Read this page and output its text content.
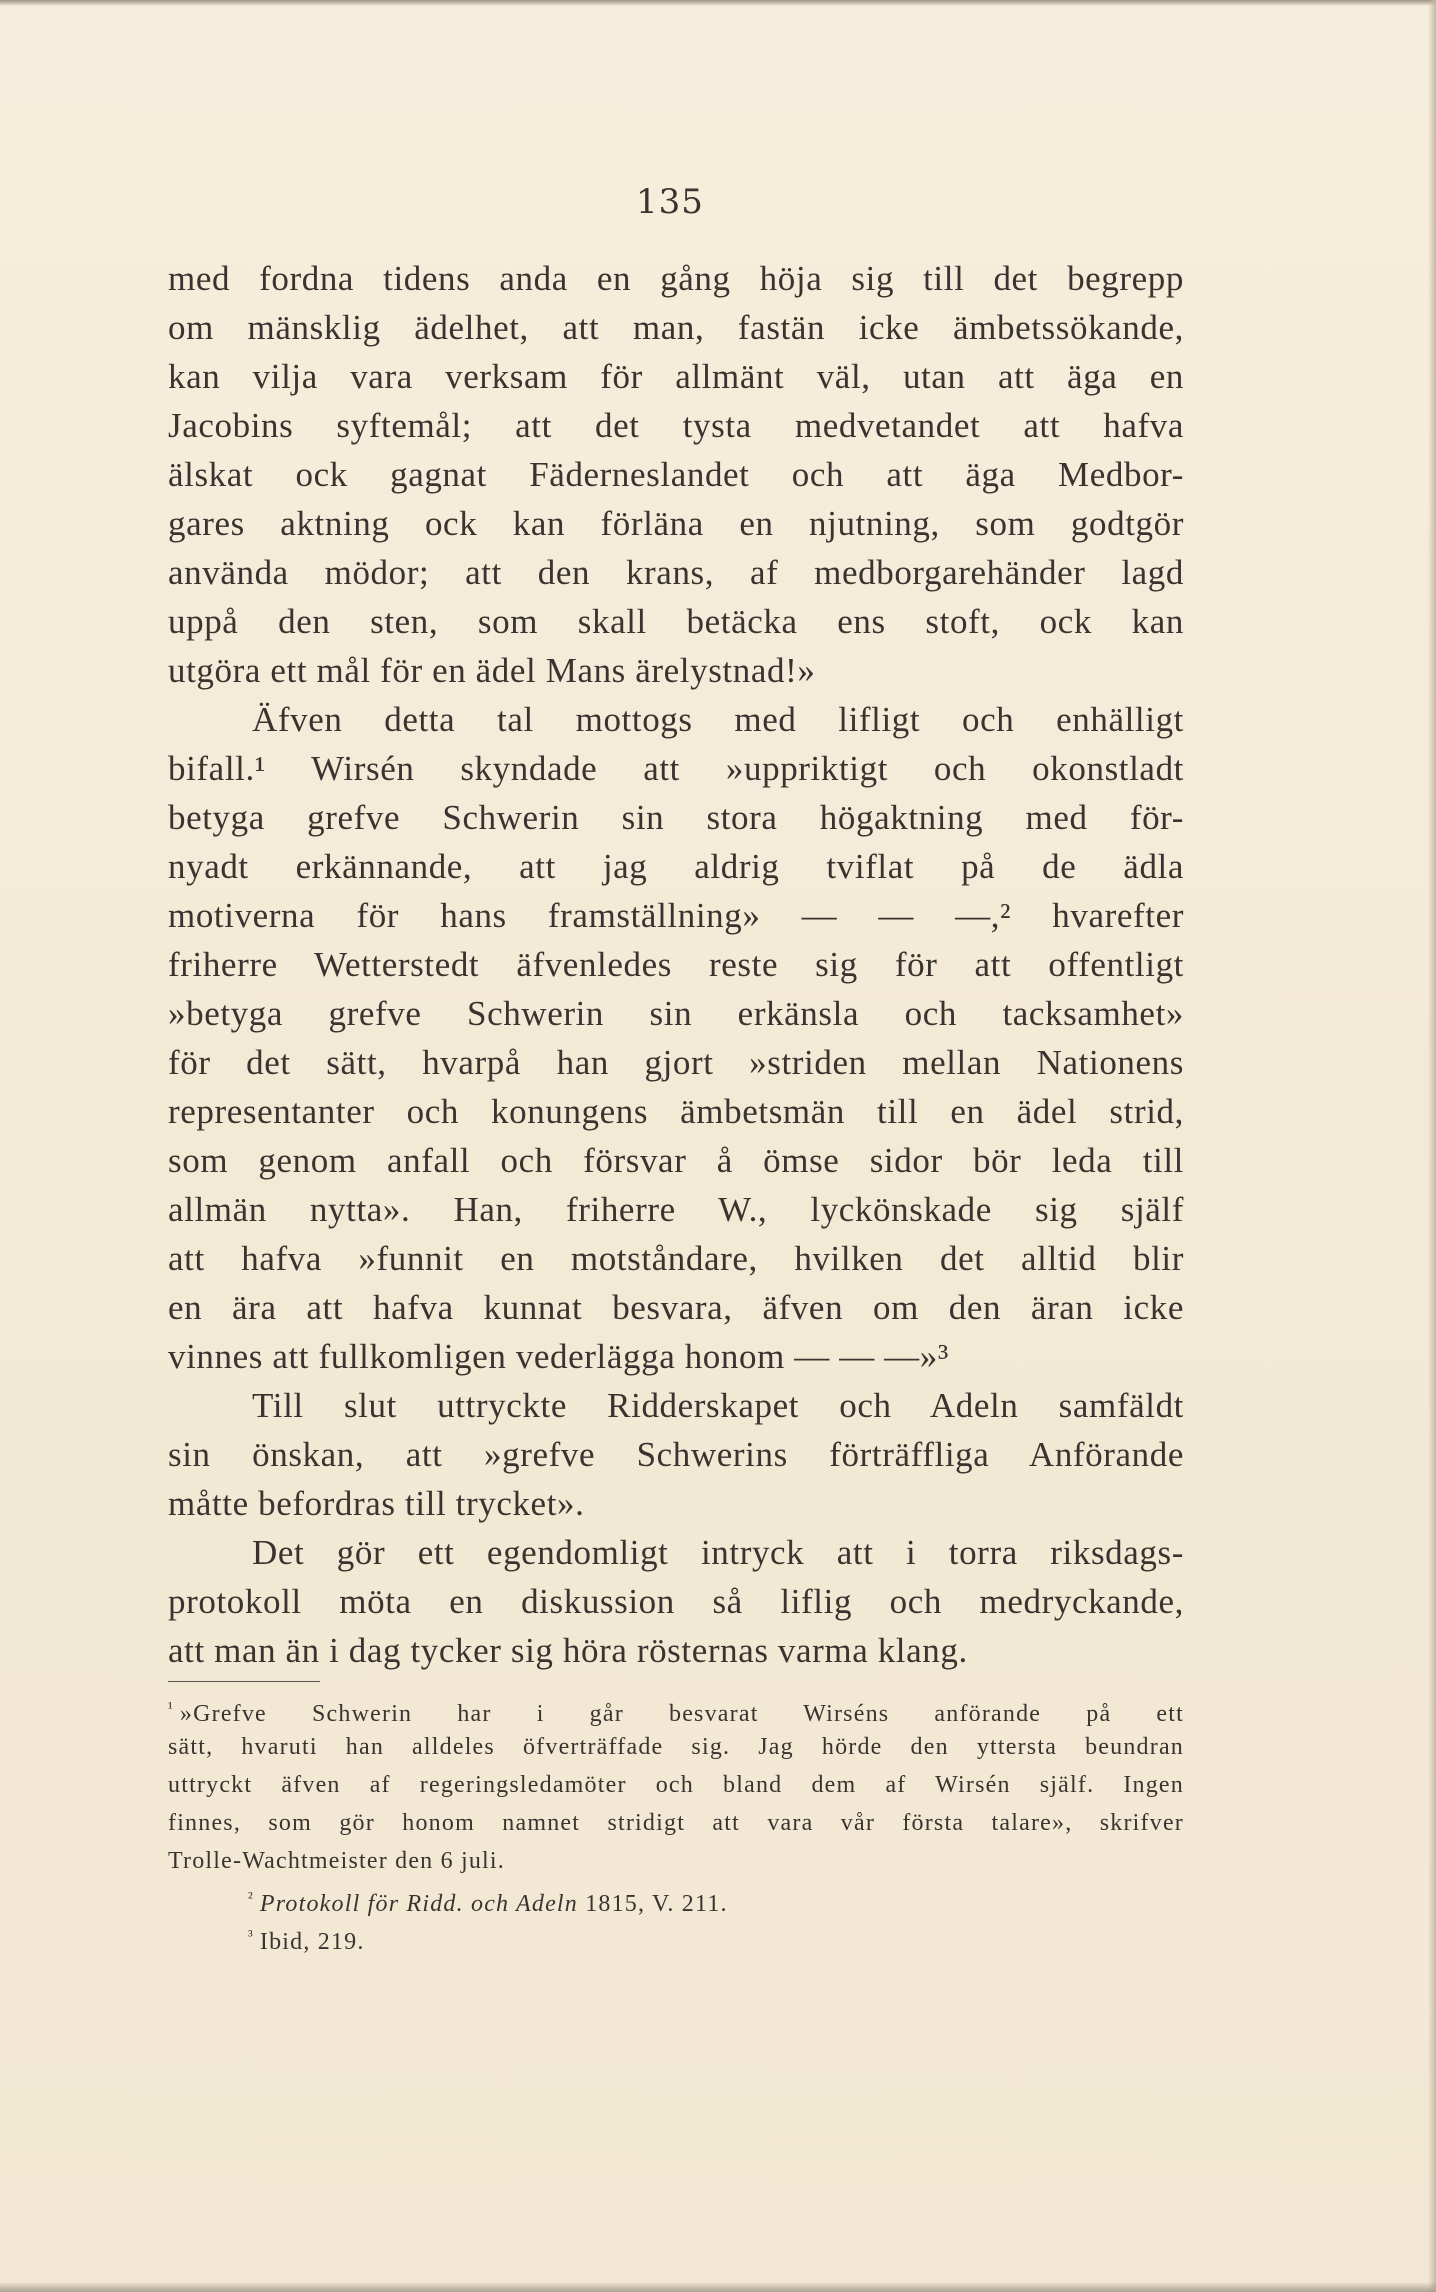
135
med fordna tidens anda en gång höja sig till det begrepp
om mänsklig ädelhet, att man, fastän icke ämbetssökande,
kan vilja vara verksam för allmänt väl, utan att äga en
Jacobins syftemål; att det tysta medvetandet att hafva
älskat ock gagnat Fäderneslandet och att äga Medbor-
gares aktning ock kan förläna en njutning, som godtgör
använda mödor; att den krans, af medborgarehänder lagd
uppå den sten, som skall betäcka ens stoft, ock kan
utgöra ett mål för en ädel Mans ärelystnad!»
Äfven detta tal mottogs med lifligt och enhälligt
bifall.¹ Wirsén skyndade att »uppriktigt och okonstladt
betyga grefve Schwerin sin stora högaktning med för-
nyadt erkännande, att jag aldrig tviflat på de ädla
motiverna för hans framställning» — — —,² hvarefter
friherre Wetterstedt äfvenledes reste sig för att offentligt
»betyga grefve Schwerin sin erkänsla och tacksamhet»
för det sätt, hvarpå han gjort »striden mellan Nationens
representanter och konungens ämbetsmän till en ädel strid,
som genom anfall och försvar å ömse sidor bör leda till
allmän nytta». Han, friherre W., lyckönskade sig själf
att hafva »funnit en motståndare, hvilken det alltid blir
en ära att hafva kunnat besvara, äfven om den äran icke
vinnes att fullkomligen vederlägga honom — — —»³
Till slut uttryckte Ridderskapet och Adeln samfäldt
sin önskan, att »grefve Schwerins förträffliga Anförande
måtte befordras till trycket».
Det gör ett egendomligt intryck att i torra riksdags-
protokoll möta en diskussion så liflig och medryckande,
att man än i dag tycker sig höra rösternas varma klang.
$^{^1}$ »Grefve Schwerin har i går besvarat Wirséns anförande på ett
sätt, hvaruti han alldeles öfverträffade sig. Jag hörde den yttersta beundran
uttryckt äfven af regeringsledamöter och bland dem af Wirsén själf. Ingen
finnes, som gör honom namnet stridigt att vara vår första talare», skrifver
Trolle-Wachtmeister den 6 juli.
$^{^2}$ Protokoll för Ridd. och Adeln 1815, V. 211.
$^{^3}$ Ibid, 219.
